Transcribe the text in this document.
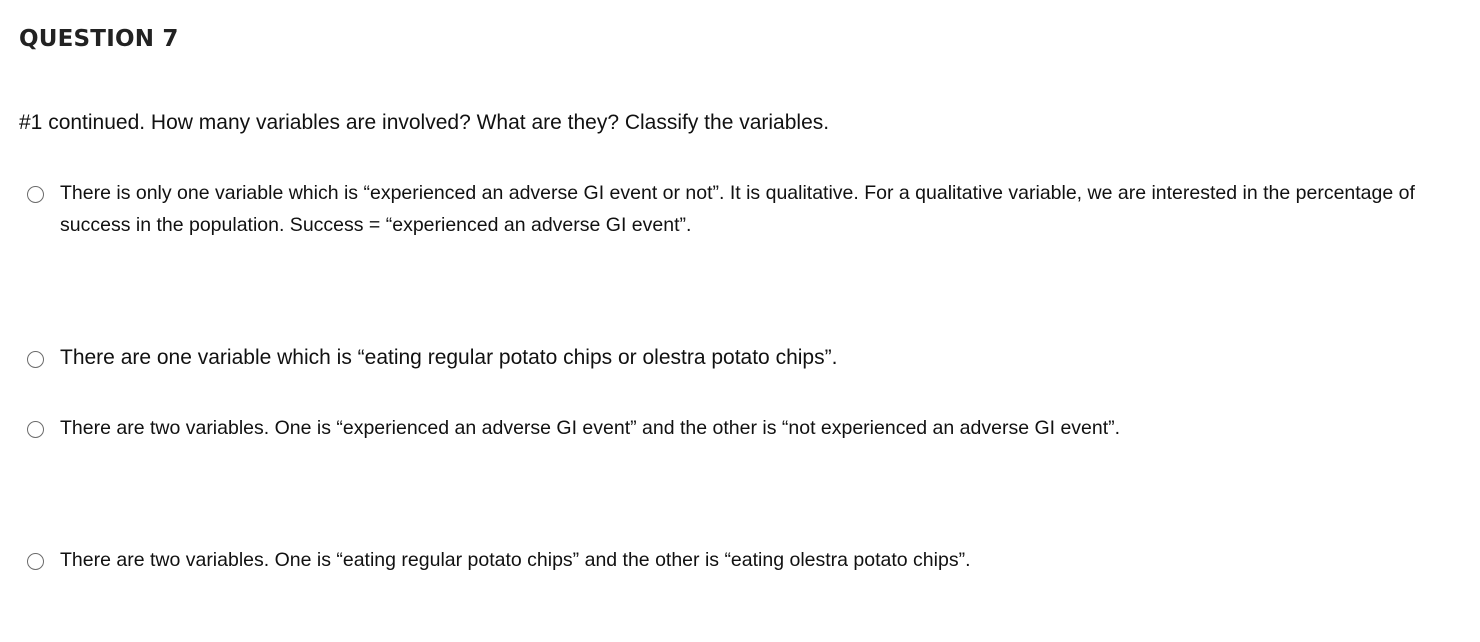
QUESTION 7

#1 continued. How many variables are involved? What are they? Classify the variables.

There is only one variable which is “experienced an adverse GI event or not”. It is qualitative. For a qualitative variable, we are interested in the percentage of success in the population. Success = “experienced an adverse GI event”.
There are one variable which is “eating regular potato chips or olestra potato chips”.
There are two variables. One is “experienced an adverse GI event” and the other is “not experienced an adverse GI event”.
There are two variables. One is “eating regular potato chips” and the other is “eating olestra potato chips”.
